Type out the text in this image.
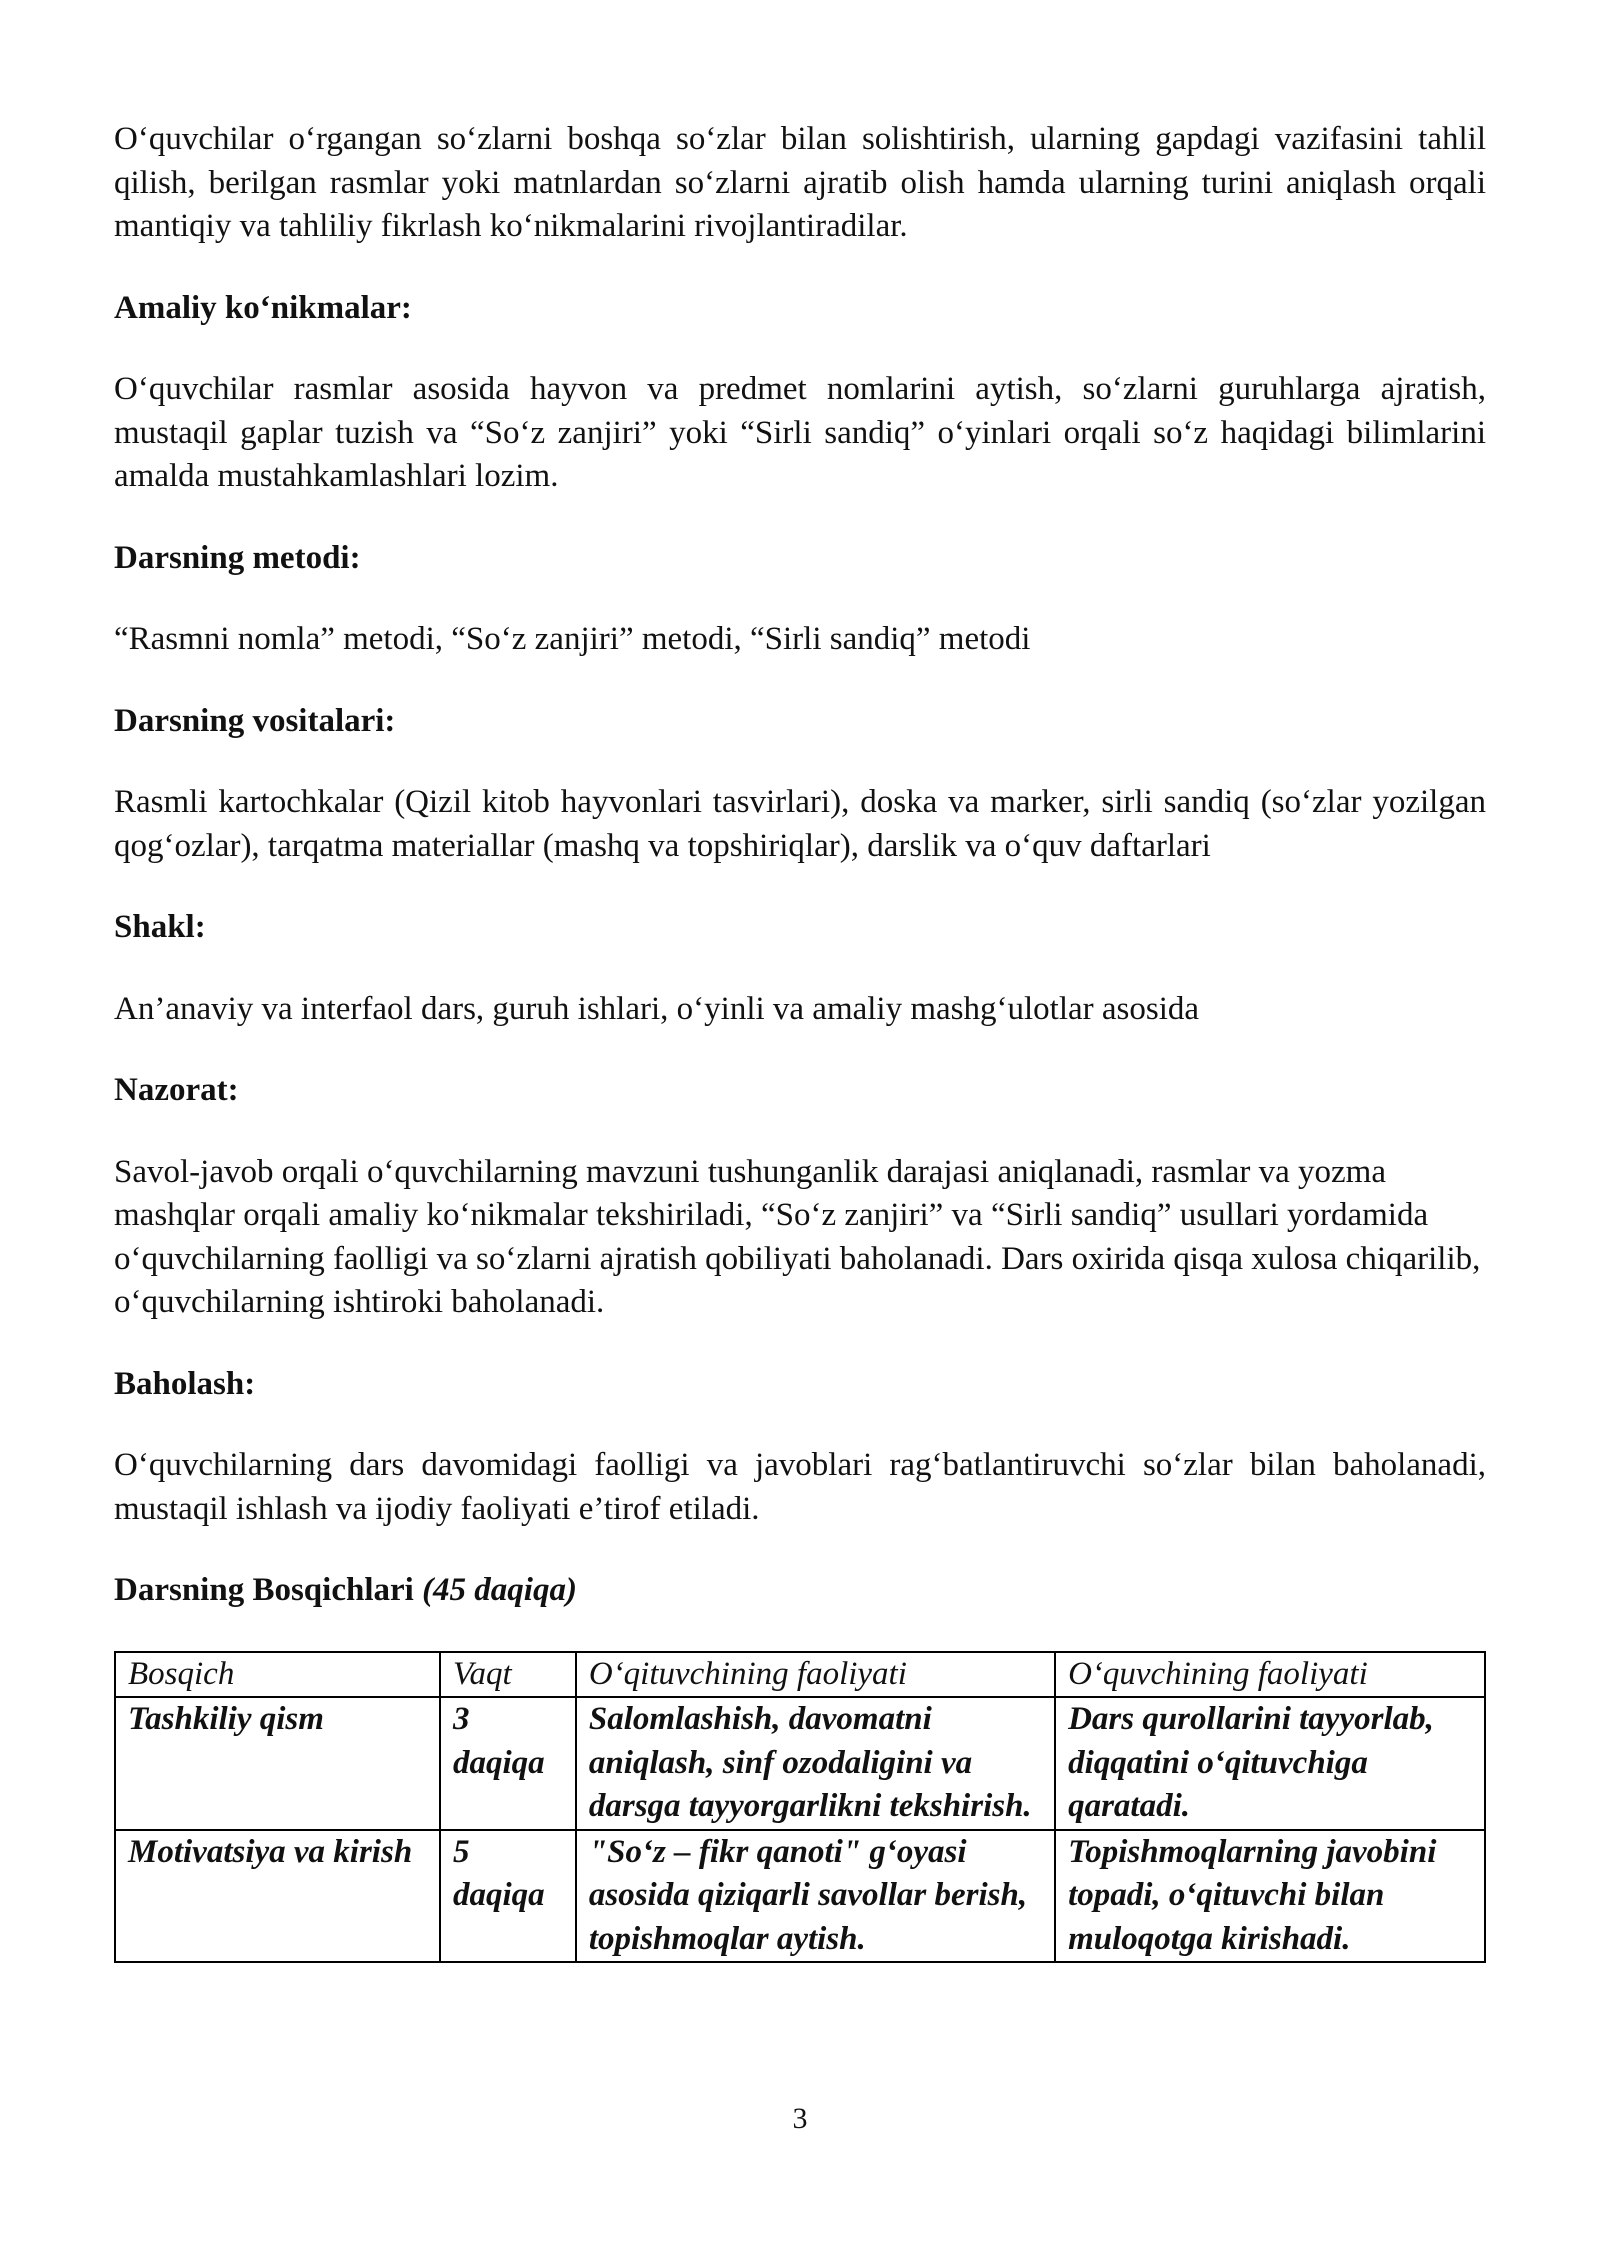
O‘quvchilar o‘rgangan so‘zlarni boshqa so‘zlar bilan solishtirish, ularning gapdagi vazifasini tahlil qilish, berilgan rasmlar yoki matnlardan so‘zlarni ajratib olish hamda ularning turini aniqlash orqali mantiqiy va tahliliy fikrlash ko‘nikmalarini rivojlantiradilar.

Amaliy ko‘nikmalar:

O‘quvchilar rasmlar asosida hayvon va predmet nomlarini aytish, so‘zlarni guruhlarga ajratish, mustaqil gaplar tuzish va “So‘z zanjiri” yoki “Sirli sandiq” o‘yinlari orqali so‘z haqidagi bilimlarini amalda mustahkamlashlari lozim.

Darsning metodi:

“Rasmni nomla” metodi, “So‘z zanjiri” metodi, “Sirli sandiq” metodi

Darsning vositalari:

Rasmli kartochkalar (Qizil kitob hayvonlari tasvirlari), doska va marker, sirli sandiq (so‘zlar yozilgan qog‘ozlar), tarqatma materiallar (mashq va topshiriqlar), darslik va o‘quv daftarlari

Shakl:

An’anaviy va interfaol dars, guruh ishlari, o‘yinli va amaliy mashg‘ulotlar asosida

Nazorat:

Savol-javob orqali o‘quvchilarning mavzuni tushunganlik darajasi aniqlanadi, rasmlar va yozma mashqlar orqali amaliy ko‘nikmalar tekshiriladi, “So‘z zanjiri” va “Sirli sandiq” usullari yordamida o‘quvchilarning faolligi va so‘zlarni ajratish qobiliyati baholanadi. Dars oxirida qisqa xulosa chiqarilib, o‘quvchilarning ishtiroki baholanadi.

Baholash:

O‘quvchilarning dars davomidagi faolligi va javoblari rag‘batlantiruvchi so‘zlar bilan baholanadi, mustaqil ishlash va ijodiy faoliyati e’tirof etiladi.

Darsning Bosqichlari (45 daqiqa)
Bosqich	Vaqt	O‘qituvchining faoliyati	O‘quvchining faoliyati
Tashkiliy qism	3 daqiqa	Salomlashish, davomatni aniqlash, sinf ozodaligini va darsga tayyorgarlikni tekshirish.	Dars qurollarini tayyorlab, diqqatini o‘qituvchiga qaratadi.
Motivatsiya va kirish	5 daqiqa	"So‘z – fikr qanoti" g‘oyasi asosida qiziqarli savollar berish, topishmoqlar aytish.	Topishmoqlarning javobini topadi, o‘qituvchi bilan muloqotga kirishadi.
3
